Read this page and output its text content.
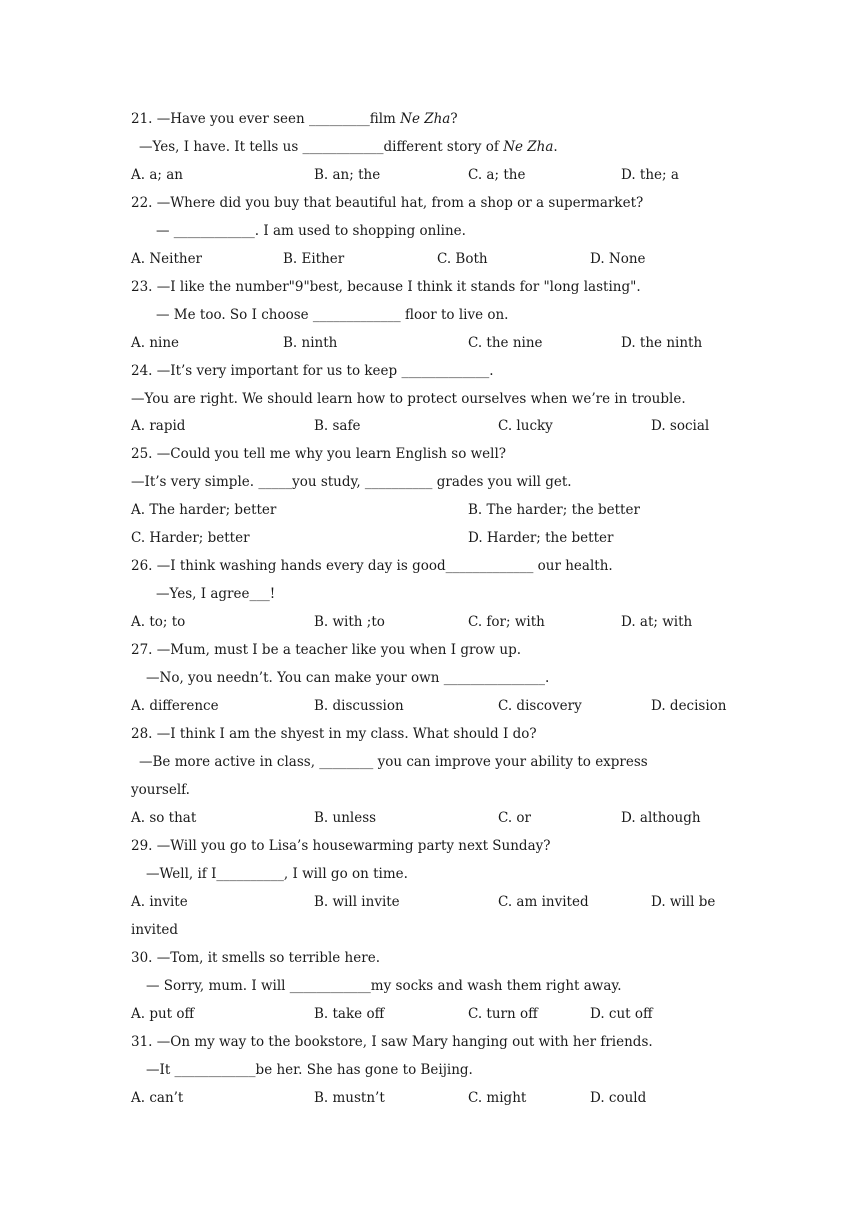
21. —Have you ever seen _________film Ne Zha?
—Yes, I have. It tells us ____________different story of Ne Zha.
A. a; an	B. an; the	C. a; the	D. the; a
22. —Where did you buy that beautiful hat, from a shop or a supermarket?
— ____________. I am used to shopping online.
A. Neither	B. Either	C. Both	D. None
23. —I like the number"9"best, because I think it stands for "long lasting".
— Me too. So I choose _____________ floor to live on.
A. nine	B. ninth	C. the nine	D. the ninth
24. —It’s very important for us to keep _____________.
—You are right. We should learn how to protect ourselves when we’re in trouble.
A. rapid	B. safe	C. lucky	D. social
25. —Could you tell me why you learn English so well?
—It’s very simple. _____you study, __________ grades you will get.
A. The harder; better	B. The harder; the better
C. Harder; better	D. Harder; the better
26. —I think washing hands every day is good_____________ our health.
—Yes, I agree___!
A. to; to	B. with ;to	C. for; with	D. at; with
27. —Mum, must I be a teacher like you when I grow up.
—No, you needn’t. You can make your own _______________.
A. difference	B. discussion	C. discovery	D. decision
28. —I think I am the shyest in my class. What should I do?
—Be more active in class, ________ you can improve your ability to express
yourself.
A. so that	B. unless	C. or	D. although
29. —Will you go to Lisa’s housewarming party next Sunday?
—Well, if I__________, I will go on time.
A. invite	B. will invite	C. am invited	D. will be
invited
30. —Tom, it smells so terrible here.
— Sorry, mum. I will ____________my socks and wash them right away.
A. put off	B. take off	C. turn off	D. cut off
31. —On my way to the bookstore, I saw Mary hanging out with her friends.
—It ____________be her. She has gone to Beijing.
A. can’t	B. mustn’t	C. might	D. could
